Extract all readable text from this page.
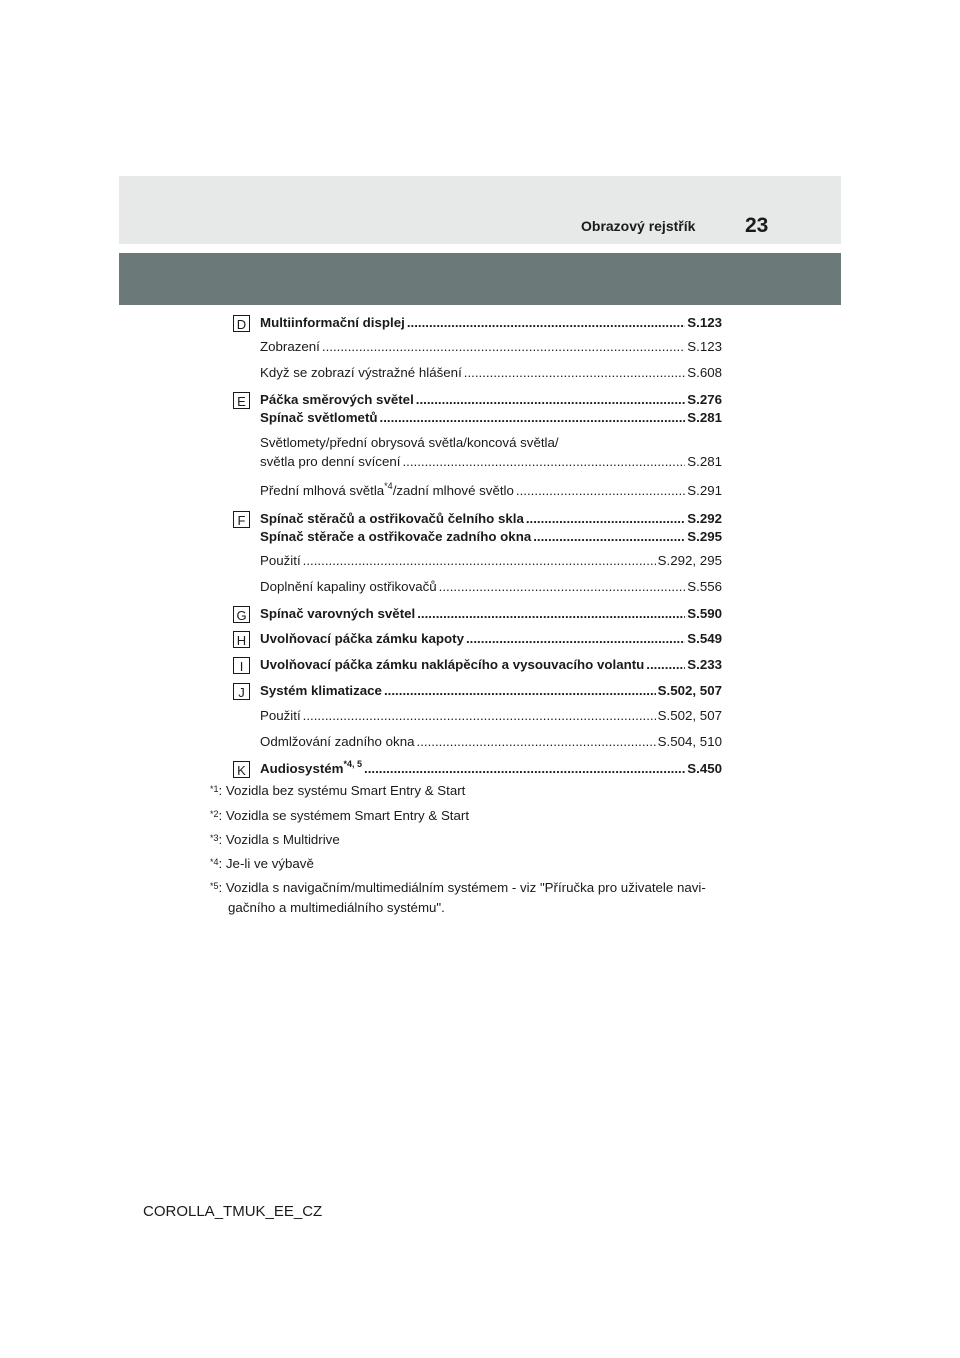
Obrazový rejstřík 23
D Multiinformační displej .....	S.123
Zobrazení .....	S.123
Když se zobrazí výstražné hlášení .....	S.608
E	Páčka směrových světel .....	S.276
Spínač světlometů .....	S.281
Světlomety/přední obrysová světla/koncová světla/
světla pro denní svícení .....	S.281
Přední mlhová světla$^{*4}$/zadní mlhové světlo .....	S.291
F	Spínač stěračů a ostřikovačů čelního skla .....	S.292
Spínač stěrače a ostřikovače zadního okna .....	S.295
Použití .....	S.292, 295
Doplnění kapaliny ostřikovačů .....	S.556
G Spínač varovných světel .....	S.590
H Uvolňovací páčka zámku kapoty .....	S.549
I	Uvolňovací páčka zámku naklápěcího a vysouvacího volantu .....	S.233
J	Systém klimatizace .....	S.502, 507
Použití .....	S.502, 507
Odmlžování zadního okna .....	S.504, 510
K	Audiosystém$^{*4, 5}$ .....	S.450
$^{*1}$: Vozidla bez systému Smart Entry & Start
$^{*2}$: Vozidla se systémem Smart Entry & Start
$^{*3}$: Vozidla s Multidrive
$^{*4}$: Je-li ve výbavě
$^{*5}$: Vozidla s navigačním/multimediálním systémem - viz "Příručka pro uživatele navi-
gačního a multimediálního systému".
COROLLA_TMUK_EE_CZ
